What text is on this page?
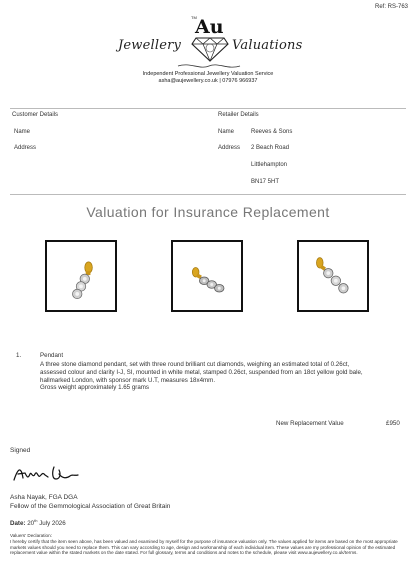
Ref: RS-763
Jewellery
TM
Au
Valuations
Independent Professional Jewellery Valuation Service
asha@aujewellery.co.uk | 07976 966937
Customer Details
Name
Address
Retailer Details
Name	Reeves & Sons
Address 2 Beach Road
Littlehampton
BN17 5HT
Valuation for Insurance Replacement
1.	Pendant
A three stone diamond pendant, set with three round brilliant cut diamonds, weighing an estimated total of 0.26ct, assessed colour and clarity I-J, SI, mounted in white metal, stamped 0.26ct, suspended from an 18ct yellow gold bale, hallmarked London, with sponsor mark U.T, measures 18x4mm.
Gross weight approximately 1.65 grams
New Replacement Value	£950
Signed
Asha Nayak, FGA DGA
Fellow of the Gemmological Association of Great Britain
Date: 20th July 2026
Valuers' Declaration:
I hereby certify that the item seen above, has been valued and examined by myself for the purpose of insurance valuation only. The values applied for items are based on the most appropriate markets values should you need to replace them. This can vary according to age, design and workmanship of each individual item. These values are my professional opinion of the estimated replacement value within the stated markets on the date stated. For full glossary, terms and conditions and notes to the schedule, please visit www.aujewellery.co.uk/terms.
